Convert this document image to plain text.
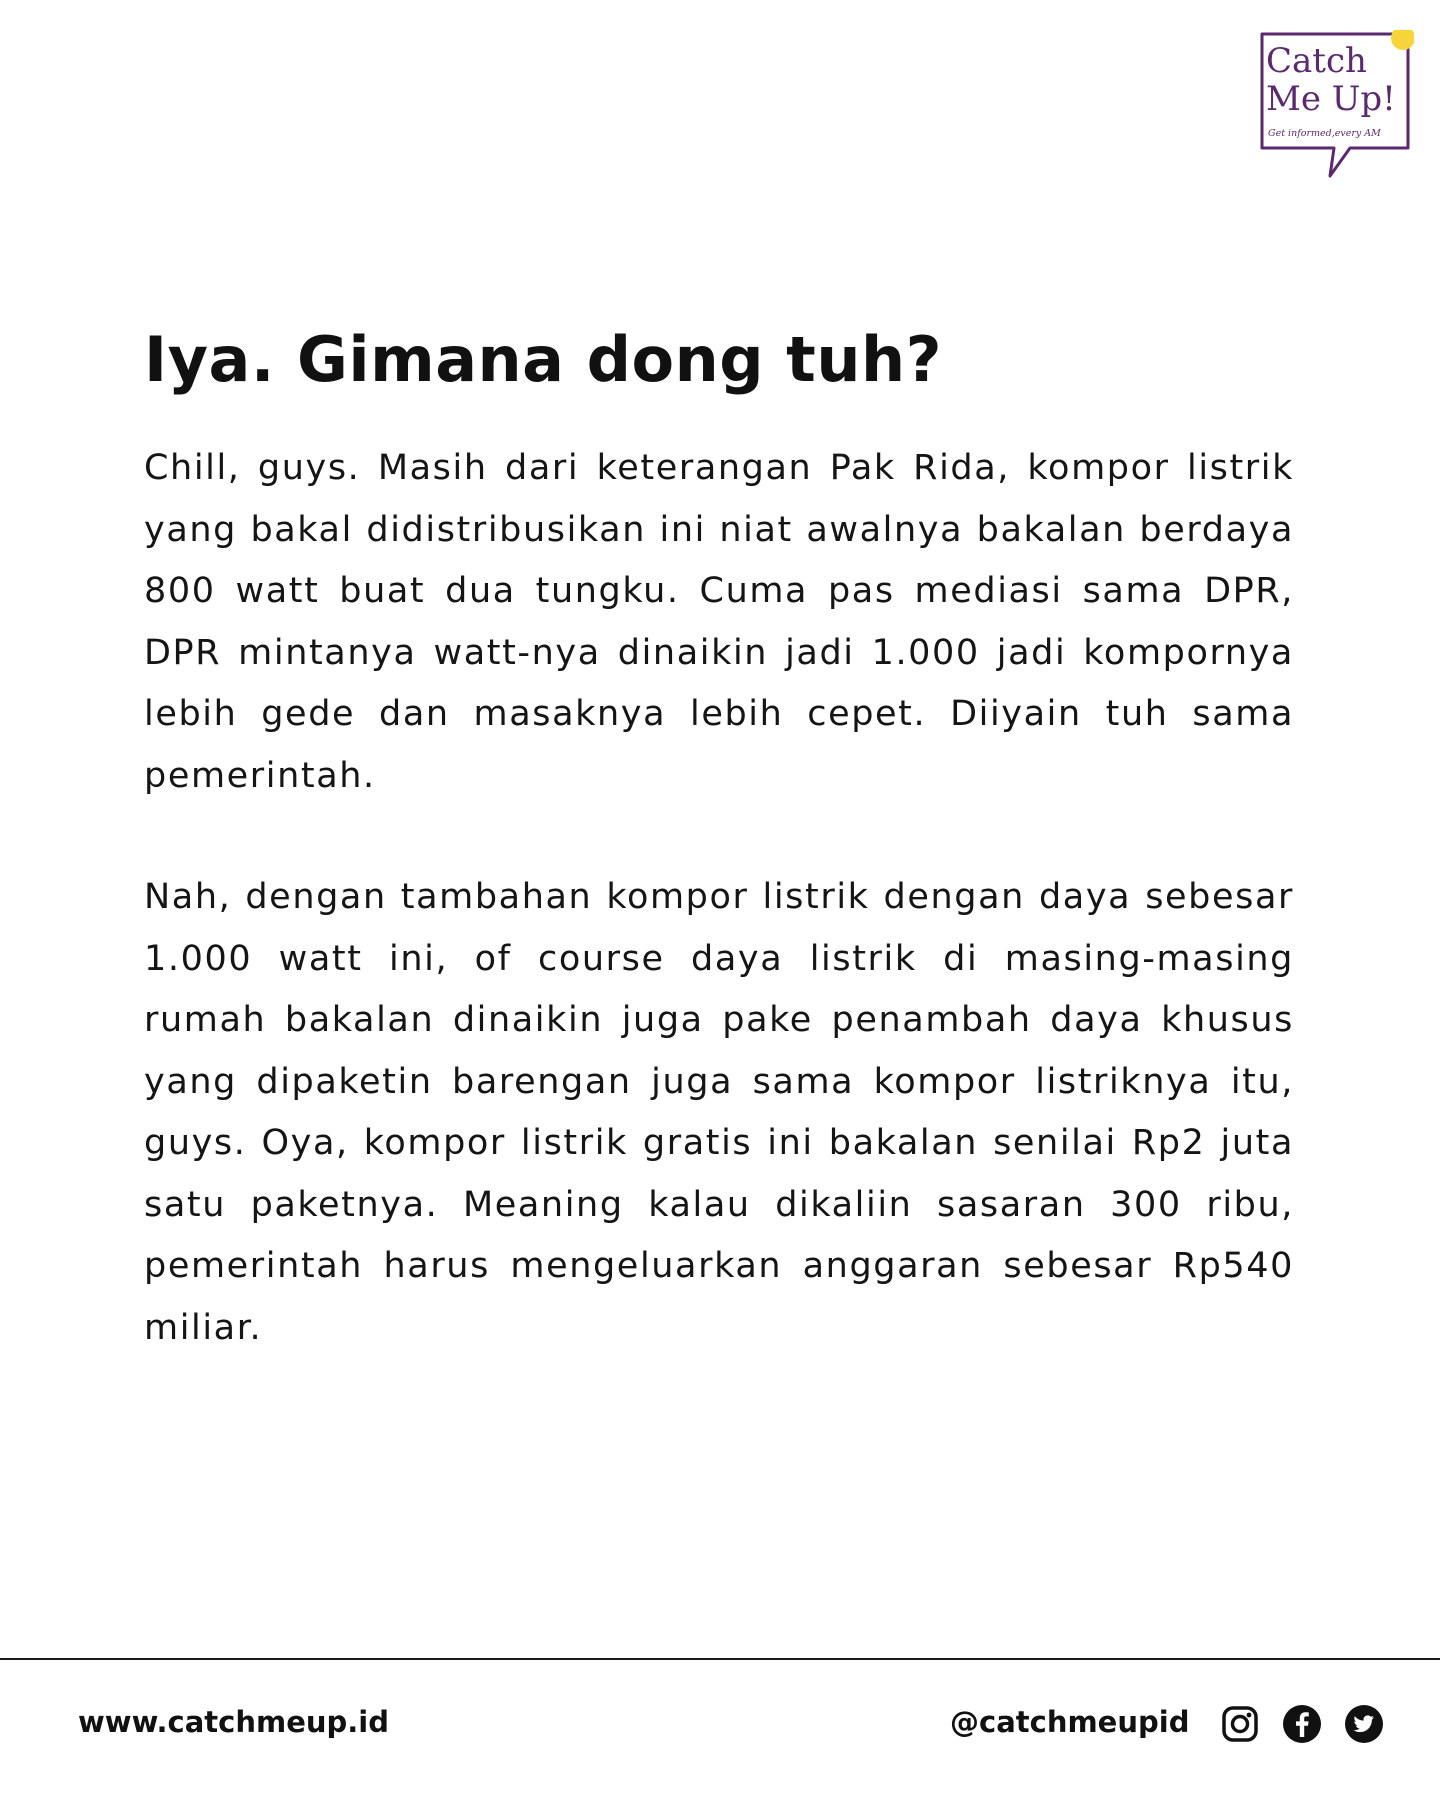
Catch
Me Up!
Get informed,every AM
Iya. Gimana dong tuh?

Chill, guys. Masih dari keterangan Pak Rida, kompor listrik yang bakal didistribusikan ini niat awalnya bakalan berdaya 800 watt buat dua tungku. Cuma pas mediasi sama DPR, DPR mintanya watt-nya dinaikin jadi 1.000 jadi kompornya lebih gede dan masaknya lebih cepet. Diiyain tuh sama pemerintah.

Nah, dengan tambahan kompor listrik dengan daya sebesar 1.000 watt ini, of course daya listrik di masing-masing rumah bakalan dinaikin juga pake penambah daya khusus yang dipaketin barengan juga sama kompor listriknya itu, guys. Oya, kompor listrik gratis ini bakalan senilai Rp2 juta satu paketnya. Meaning kalau dikaliin sasaran 300 ribu, pemerintah harus mengeluarkan anggaran sebesar Rp540 miliar.

www.catchmeup.id	@catchmeupid
